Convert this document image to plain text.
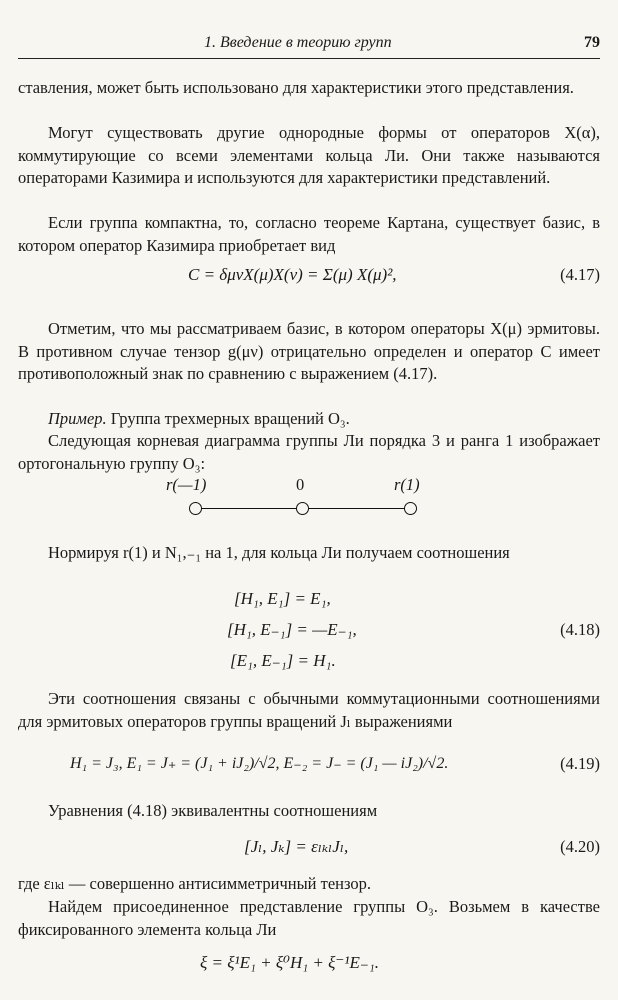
1. Введение в теорию групп	79

ставления, может быть использовано для характеристики этого представления.

Могут существовать другие однородные формы от операторов X(α), коммутирующие со всеми элементами кольца Ли. Они также называются операторами Казимира и используются для характеристики представлений.

Если группа компактна, то, согласно теореме Картана, существует базис, в котором оператор Казимира приобретает вид

C = δμνX(μ)X(ν) = Σ(μ) X(μ)²,	(4.17)

Отметим, что мы рассматриваем базис, в котором операторы X(μ) эрмитовы. В противном случае тензор g(μν) отрицательно определен и оператор C имеет противоположный знак по сравнению с выражением (4.17).

Пример. Группа трехмерных вращений O₃.

Следующая корневая диаграмма группы Ли порядка 3 и ранга 1 изображает ортогональную группу O₃:

r(—1)	0	r(1)

Нормируя r(1) и N₁,₋₁ на 1, для кольца Ли получаем соотношения

[H₁, E₁] = E₁,
[H₁, E₋₁] = —E₋₁,	(4.18)
[E₁, E₋₁] = H₁.

Эти соотношения связаны с обычными коммутационными соотношениями для эрмитовых операторов группы вращений Jₗ выражениями

H₁ = J₃, E₁ = J₊ = (J₁ + iJ₂)/√2, E₋₂ = J₋ = (J₁ — iJ₂)/√2.	(4.19)

Уравнения (4.18) эквивалентны соотношениям

[Jₗ, Jₖ] = εₗₖₗJₗ,	(4.20)

где εₗₖₗ — совершенно антисимметричный тензор.

Найдем присоединенное представление группы O₃. Возьмем в качестве фиксированного элемента кольца Ли

ξ = ξ¹E₁ + ξ⁰H₁ + ξ⁻¹E₋₁.
